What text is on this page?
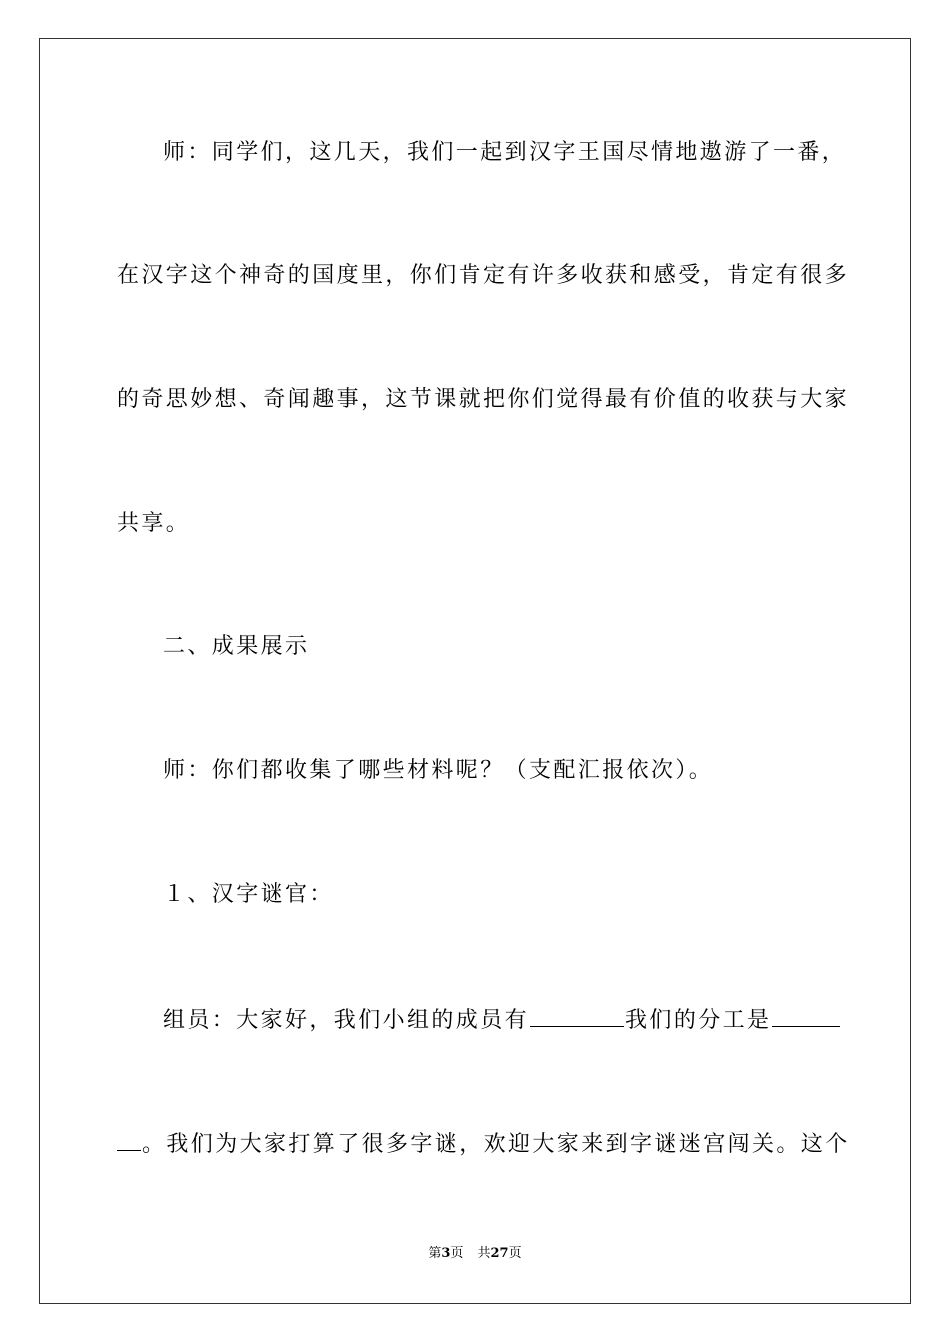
师：同学们，这几天，我们一起到汉字王国尽情地遨游了一番，
在汉字这个神奇的国度里，你们肯定有许多收获和感受，肯定有很多
的奇思妙想、奇闻趣事，这节课就把你们觉得最有价值的收获与大家
共享。
二、成果展示
师：你们都收集了哪些材料呢？（支配汇报依次）。
１、汉字谜官：
组员：大家好，我们小组的成员有	我们的分工是
。我们为大家打算了很多字谜，欢迎大家来到字谜迷宫闯关。这个
第3页 共27页
